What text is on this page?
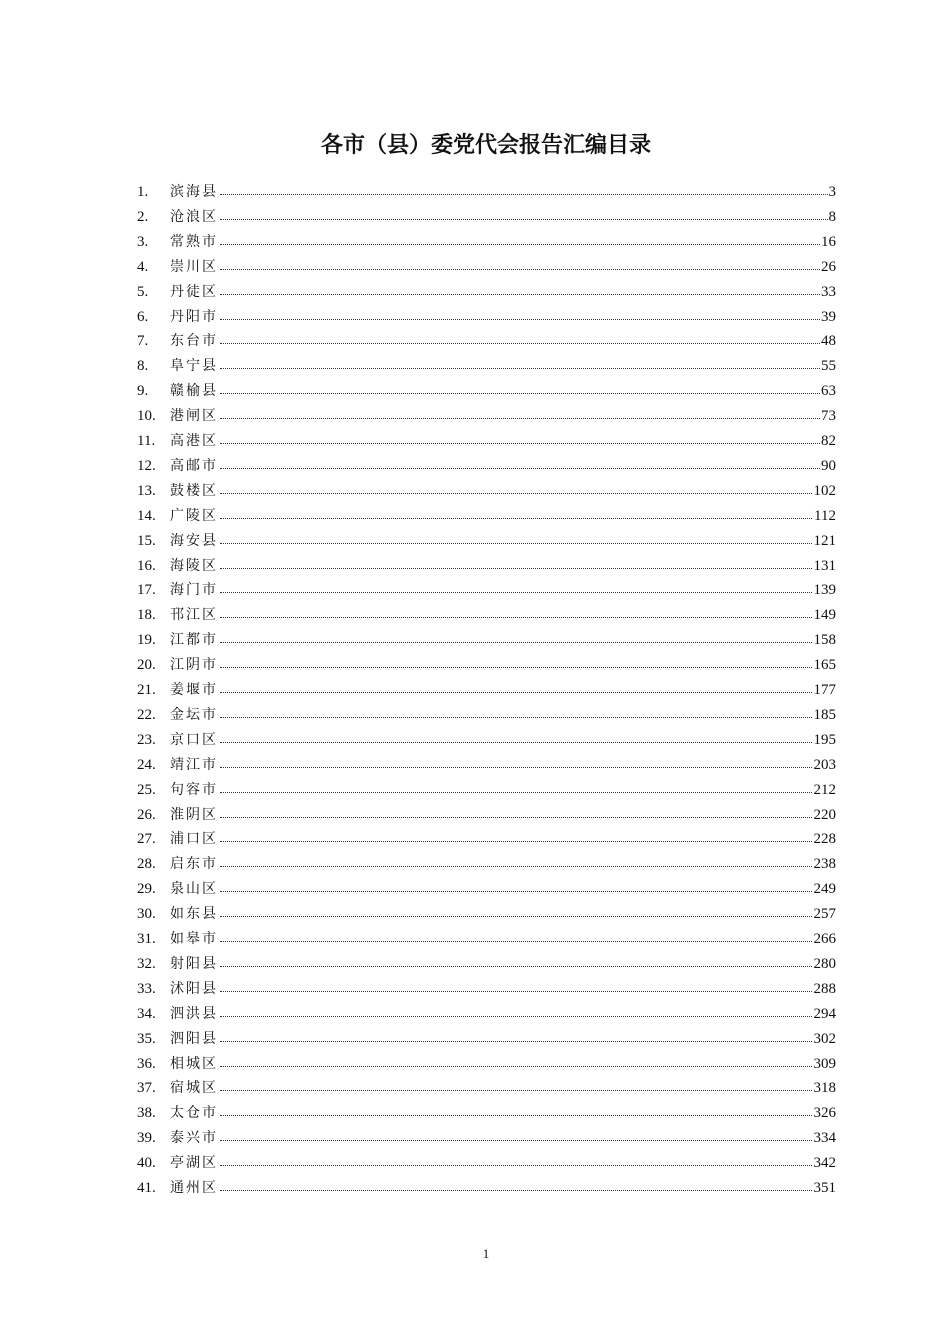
各市（县）委党代会报告汇编目录
1. 滨海县	3
2. 沧浪区	8
3. 常熟市	16
4. 崇川区	26
5. 丹徒区	33
6. 丹阳市	39
7. 东台市	48
8. 阜宁县	55
9. 赣榆县	63
10. 港闸区	73
11. 高港区	82
12. 高邮市	90
13. 鼓楼区	102
14. 广陵区	112
15. 海安县	121
16. 海陵区	131
17. 海门市	139
18. 邗江区	149
19. 江都市	158
20. 江阴市	165
21. 姜堰市	177
22. 金坛市	185
23. 京口区	195
24. 靖江市	203
25. 句容市	212
26. 淮阴区	220
27. 浦口区	228
28. 启东市	238
29. 泉山区	249
30. 如东县	257
31. 如皋市	266
32. 射阳县	280
33. 沭阳县	288
34. 泗洪县	294
35. 泗阳县	302
36. 相城区	309
37. 宿城区	318
38. 太仓市	326
39. 泰兴市	334
40. 亭湖区	342
41. 通州区	351
1
